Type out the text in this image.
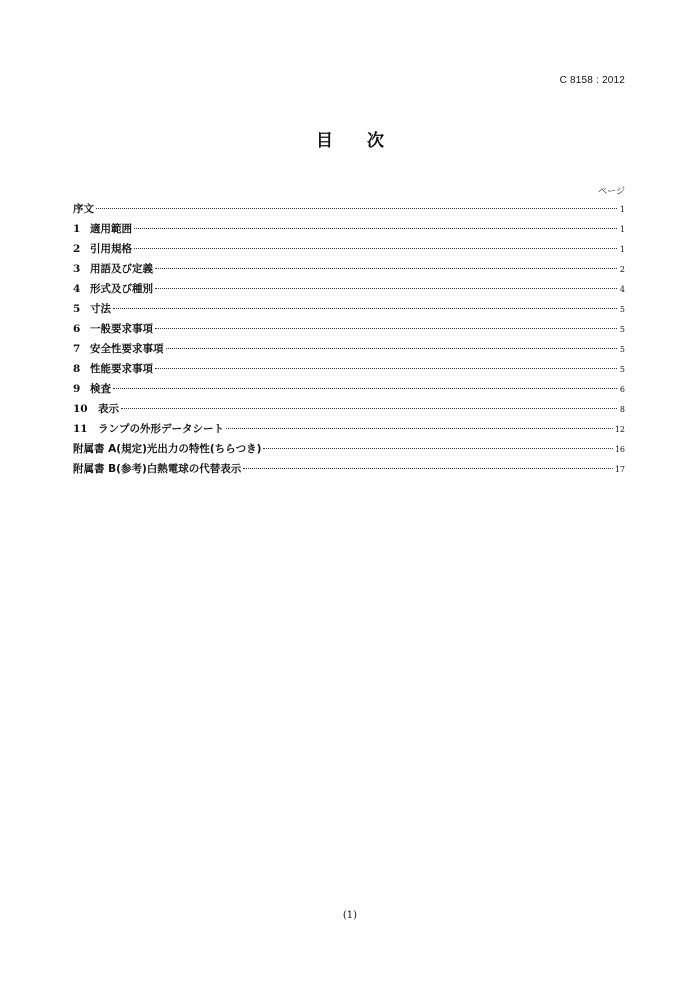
C 8158 : 2012
目 次
ページ
序文	1
1 適用範囲	1
2 引用規格	1
3 用語及び定義	2
4 形式及び種別	4
5 寸法	5
6 一般要求事項	5
7 安全性要求事項	5
8 性能要求事項	5
9 検査	6
10 表示	8
11 ランプの外形データシート	12
附属書 A(規定)光出力の特性(ちらつき)	16
附属書 B(参考)白熱電球の代替表示	17
(1)
